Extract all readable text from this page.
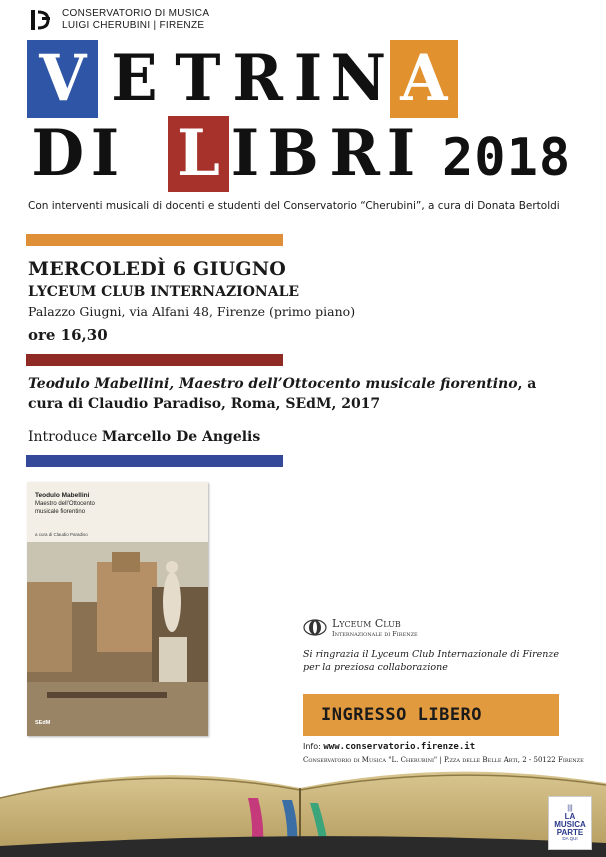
CONSERVATORIO DI MUSICA
LUIGI CHERUBINI | FIRENZE
V E T R I N A
D I L I B R I 2018
Con interventi musicali di docenti e studenti del Conservatorio “Cherubini”, a cura di Donata Bertoldi
MERCOLEDÌ 6 GIUGNO
LYCEUM CLUB INTERNAZIONALE
Palazzo Giugni, via Alfani 48, Firenze (primo piano)
ore 16,30
Teodulo Mabellini, Maestro dell’Ottocento musicale fiorentino, a
cura di Claudio Paradiso, Roma, SEdM, 2017
Introduce Marcello De Angelis
Teodulo Mabellini
Maestro dell'Ottocento
musicale fiorentino
a cura di Claudio Paradiso
SEdM
Lyceum Club
Internazionale di Firenze
Si ringrazia il Lyceum Club Internazionale di Firenze
per la preziosa collaborazione
INGRESSO LIBERO
Info: www.conservatorio.firenze.it
Conservatorio di Musica "L. Cherubini" | P.zza delle Belle Arti, 2 - 50122 Firenze
|||
LA
MUSICA
PARTE
DA QUI
